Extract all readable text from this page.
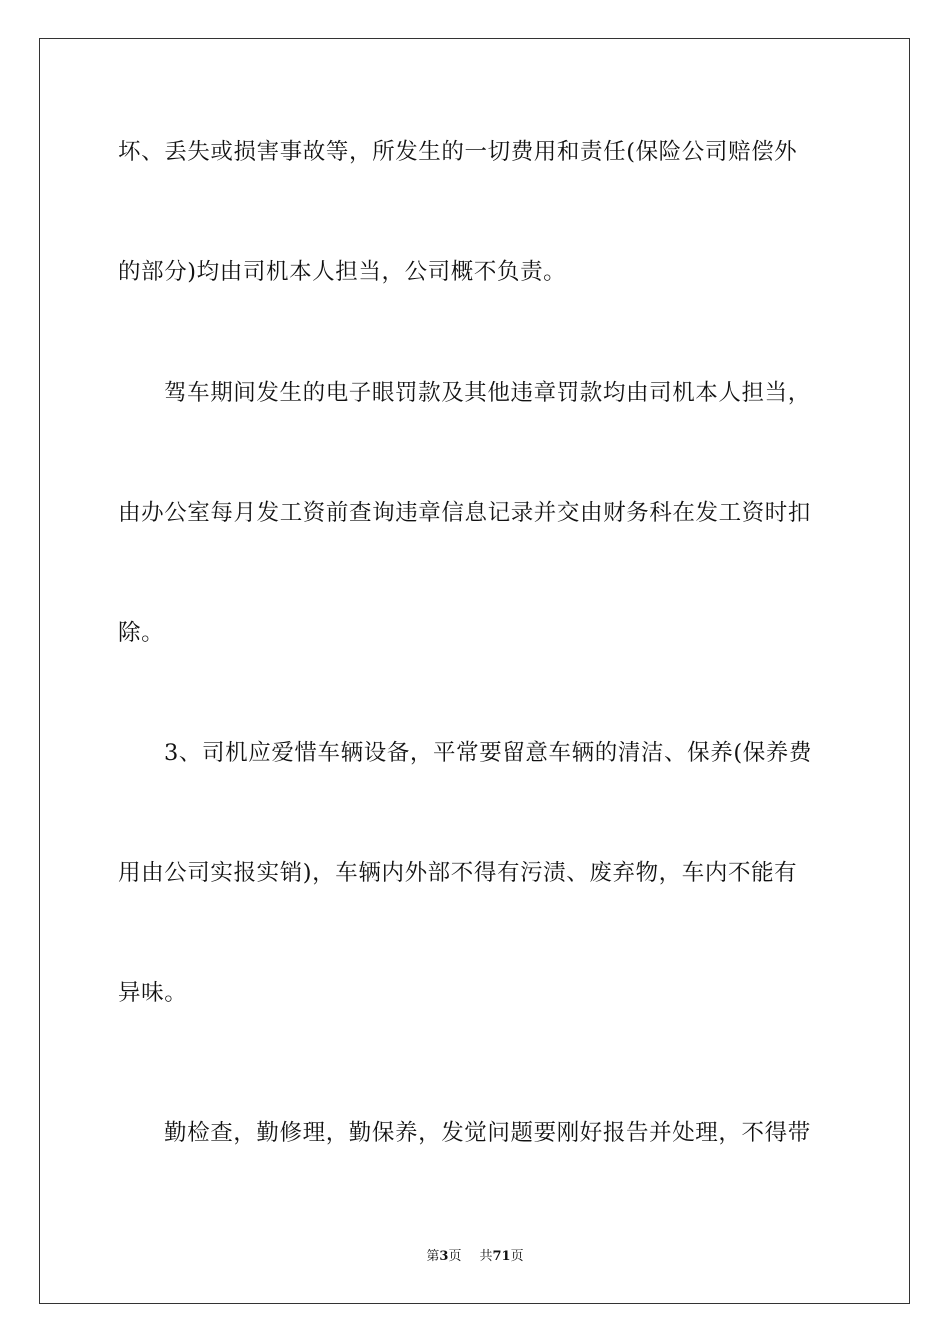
坏、丢失或损害事故等，所发生的一切费用和责任(保险公司赔偿外
的部分)均由司机本人担当，公司概不负责。
驾车期间发生的电子眼罚款及其他违章罚款均由司机本人担当，
由办公室每月发工资前查询违章信息记录并交由财务科在发工资时扣
除。
3、司机应爱惜车辆设备，平常要留意车辆的清洁、保养(保养费
用由公司实报实销)，车辆内外部不得有污渍、废弃物，车内不能有
异味。
勤检查，勤修理，勤保养，发觉问题要刚好报告并处理，不得带
第3页 共71页
